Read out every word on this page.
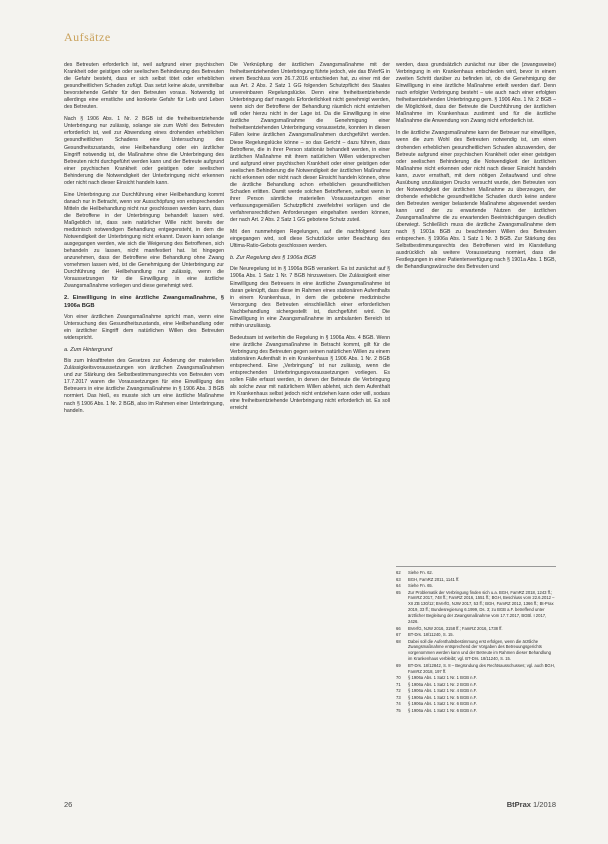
Aufsätze

des Betreuten erforderlich ist, weil aufgrund einer psychischen Krankheit oder geistigen oder seelischen Behinderung des Betreuten die Gefahr besteht, dass er sich selbst tötet oder erheblichen gesundheitlichen Schaden zufügt. Das setzt keine akute, unmittelbar bevorstehende Gefahr für den Betreuten voraus. Notwendig ist allerdings eine ernstliche und konkrete Gefahr für Leib und Leben des Betreuten.

Nach § 1906 Abs. 1 Nr. 2 BGB ist die freiheitsentziehende Unterbringung nur zulässig, solange sie zum Wohl des Betreuten erforderlich ist, weil zur Abwendung eines drohenden erheblichen gesundheitlichen Schadens eine Untersuchung des Gesundheitszustands, eine Heilbehandlung oder ein ärztlicher Eingriff notwendig ist, die Maßnahme ohne die Unterbringung des Betreuten nicht durchgeführt werden kann und der Betreute aufgrund einer psychischen Krankheit oder geistigen oder seelischen Behinderung die Notwendigkeit der Unterbringung nicht erkennen oder nicht nach dieser Einsicht handeln kann.

Eine Unterbringung zur Durchführung einer Heilbehandlung kommt danach nur in Betracht, wenn vor Ausschöpfung von entsprechenden Mitteln die Heilbehandlung nicht nur geschlossen werden kann, dass die Betroffene in der Unterbringung behandelt lassen wird. Maßgeblich ist, dass sein natürlicher Wille nicht bereits der medizinisch notwendigen Behandlung entgegensteht, in dem die Notwendigkeit der Unterbringung nicht erkannt. Davon kann solange ausgegangen werden, wie sich die Weigerung des Betroffenen, sich behandeln zu lassen, nicht manifestiert hat. Ist hingegen anzunehmen, dass der Betroffene eine Behandlung ohne Zwang vornehmen lassen wird, ist die Genehmigung der Unterbringung zur Durchführung der Heilbehandlung nur zulässig, wenn die Voraussetzungen für die Einwilligung in eine ärztliche Zwangsmaßnahme vorliegen und diese genehmigt wird.

2. Einwilligung in eine ärztliche Zwangsmaßnahme, § 1906a BGB

Von einer ärztlichen Zwangsmaßnahme spricht man, wenn eine Untersuchung des Gesundheitszustands, eine Heilbehandlung oder ein ärztlicher Eingriff dem natürlichen Willen des Betreuten widerspricht.

a. Zum Hintergrund

Bis zum Inkrafttreten des Gesetzes zur Änderung der materiellen Zulässigkeitsvoraussetzungen von ärztlichen Zwangsmaßnahmen und zur Stärkung des Selbstbestimmungsrechts von Betreuten vom 17.7.2017 waren die Voraussetzungen für eine Einwilligung des Betreuers in eine ärztliche Zwangsmaßnahme in § 1906 Abs. 3 BGB normiert. Das hieß, es musste sich um eine ärztliche Maßnahme nach § 1906 Abs. 1 Nr. 2 BGB, also im Rahmen einer Unterbringung, handeln.

Die Verknüpfung der ärztlichen Zwangsmaßnahme mit der freiheitsentziehenden Unterbringung führte jedoch, wie das BVerfG in einem Beschluss vom 26.7.2016 entschieden hat, zu einer mit der aus Art. 2 Abs. 2 Satz 1 GG folgenden Schutzpflicht des Staates unvereinbaren Regelungslücke. Denn eine freiheitsentziehende Unterbringung darf mangels Erforderlichkeit nicht genehmigt werden, wenn sich der Betroffene der Behandlung räumlich nicht entziehen will oder hierzu nicht in der Lage ist. Da die Einwilligung in eine ärztliche Zwangsmaßnahme die Genehmigung einer freiheitsentziehenden Unterbringung voraussetzte, konnten in diesen Fällen keine ärztlichen Zwangsmaßnahmen durchgeführt werden. Diese Regelungslücke könne – so das Gericht – dazu führen, dass Betroffene, die in ihrer Person stationär behandelt werden, in einer ärztlichen Maßnahme mit ihrem natürlichen Willen widersprechen und aufgrund einer psychischen Krankheit oder einer geistigen oder seelischen Behinderung die Notwendigkeit der ärztlichen Maßnahme nicht erkennen oder nicht nach dieser Einsicht handeln können, ohne die ärztliche Behandlung schon erheblichen gesundheitlichen Schaden erlitten. Damit werde solchen Betroffenen, selbst wenn in ihrer Person sämtliche materiellen Voraussetzungen einer verfassungsgemäßen Schutzpflicht zweifelsfrei vorlägen und die verfahrensrechtlichen Anforderungen eingehalten werden können, der nach Art. 2 Abs. 2 Satz 1 GG gebotene Schutz zuteil.

Mit den nunmehrigen Regelungen, auf die nachfolgend kurz eingegangen wird, soll diese Schutzlücke unter Beachtung des Ultima-Ratio-Gebots geschlossen werden.

b. Zur Regelung des § 1906a BGB

Die Neuregelung ist in § 1906a BGB verankert. Es ist zunächst auf § 1906a Abs. 1 Satz 1 Nr. 7 BGB hinzuweisen. Die Zulässigkeit einer Einwilligung des Betreuers in eine ärztliche Zwangsmaßnahme ist daran geknüpft, dass diese im Rahmen eines stationären Aufenthalts in einem Krankenhaus, in dem die gebotene medizinische Versorgung des Betreuten einschließlich einer erforderlichen Nachbehandlung sichergestellt ist, durchgeführt wird. Die Einwilligung in eine Zwangsmaßnahme im ambulanten Bereich ist mithin unzulässig.

Bedeutsam ist weiterhin die Regelung in § 1906a Abs. 4 BGB. Wenn eine ärztliche Zwangsmaßnahme in Betracht kommt, gilt für die Verbringung des Betreuten gegen seinen natürlichen Willen zu einem stationären Aufenthalt in ein Krankenhaus § 1906 Abs. 1 Nr. 2 BGB entsprechend. Eine „Verbringung“ ist nur zulässig, wenn die entsprechenden Unterbringungsvoraussetzungen vorliegen. Es sollen Fälle erfasst werden, in denen der Betreute die Verbringung als solche zwar mit natürlichem Willen ablehnt, sich dem Aufenthalt im Krankenhaus selbst jedoch nicht entziehen kann oder will, sodass eine freiheitsentziehende Unterbringung nicht erforderlich ist. Es soll erreicht

werden, dass grundsätzlich zunächst nur über die (zwangsweise) Verbringung in ein Krankenhaus entschieden wird, bevor in einem zweiten Schritt darüber zu befinden ist, ob die Genehmigung der Einwilligung in eine ärztliche Maßnahme erteilt werden darf. Denn nach erfolgter Verbringung besteht – wie auch nach einer erfolgten freiheitsentziehenden Unterbringung gem. § 1906 Abs. 1 Nr. 2 BGB – die Möglichkeit, dass der Betreute die Durchführung der ärztlichen Maßnahme im Krankenhaus zustimmt und für die ärztliche Maßnahme die Anwendung von Zwang nicht erforderlich ist.

In die ärztliche Zwangsmaßnahme kann der Betreuer nur einwilligen, wenn die zum Wohl des Betreuten notwendig ist, um einen drohenden erheblichen gesundheitlichen Schaden abzuwenden, der Betreute aufgrund einer psychischen Krankheit oder einer geistigen oder seelischen Behinderung die Notwendigkeit der ärztlichen Maßnahme nicht erkennen oder nicht nach dieser Einsicht handeln kann, zuvor ernsthaft, mit dem nötigen Zeitaufwand und ohne Ausübung unzulässigen Drucks versucht wurde, den Betreuten von der Notwendigkeit der ärztlichen Maßnahme zu überzeugen, der drohende erhebliche gesundheitliche Schaden durch keine andere den Betreuten weniger belastende Maßnahme abgewendet werden kann und der zu erwartende Nutzen der ärztlichen Zwangsmaßnahme die zu erwartenden Beeinträchtigungen deutlich überwiegt. Schließlich muss die ärztliche Zwangsmaßnahme dem nach § 1901a BGB zu beachtenden Willen des Betreuten entsprechen. § 1906a Abs. 1 Satz 1 Nr. 3 BGB. Zur Stärkung des Selbstbestimmungsrechts des Betroffenen wird im Klarstellung ausdrücklich als weitere Voraussetzung normiert, dass die Festlegungen in einer Patientenverfügung nach § 1901a Abs. 1 BGB, die Behandlungswünsche des Betreuten und

62	Siehe Fn. 62.
63	BGH, FamRZ 2011, 1141 ff.
64	Siehe Fn. 65.
65	Zur Problematik der Verbringung finden sich u.a. BGH, FamRZ 2018, 1243 ff.; FamRZ 2017, 748 ff.; FamRZ 2016, 1551 ff.; BGH, Beschluss vom 22.6.2012 – XII ZB 130/12; BVerfG, NJW 2017, 53 ff.; BGH, FamRZ 2012, 1366 ff.; Bt-Prax 2019, 33 ff.; Bundesregierung 6.1999, Ds. 3; zu BGB a.F. betreffend unter ärztlicher Begleitung der Zwangsmaßnahme vom 17.7.2017, BGBl. I 2017, 2426.
66	BVerfG, NJW 2016, 3158 ff.; FamRZ 2016, 1738 ff.
67	BT-Drs. 18/11240, S. 15.
68	Dabei soll die Aufenthaltsbestimmung erst erfolgen, wenn die ärztliche Zwangsmaßnahme entsprechend der Vorgaben des Betreuungsgerichts vorgenommen werden kann und der Betreute im Rahmen dieser Behandlung im Krankenhaus verbleibt; vgl. BT-Drs. 18/11240, S. 15.
69	BT-Drs. 18/12842, S. 8 – Begründung des Rechtsausschusses; vgl. auch BGH, FamRZ 2018, 197 ff.
70	§ 1906a Abs. 1 Satz 1 Nr. 1 BGB n.F.
71	§ 1906a Abs. 1 Satz 1 Nr. 2 BGB n.F.
72	§ 1906a Abs. 1 Satz 1 Nr. 4 BGB n.F.
73	§ 1906a Abs. 1 Satz 1 Nr. 5 BGB n.F.
74	§ 1906a Abs. 1 Satz 1 Nr. 6 BGB n.F.
75	§ 1906a Abs. 1 Satz 1 Nr. 6 BGB n.F.
26	BtPrax 1/2018
